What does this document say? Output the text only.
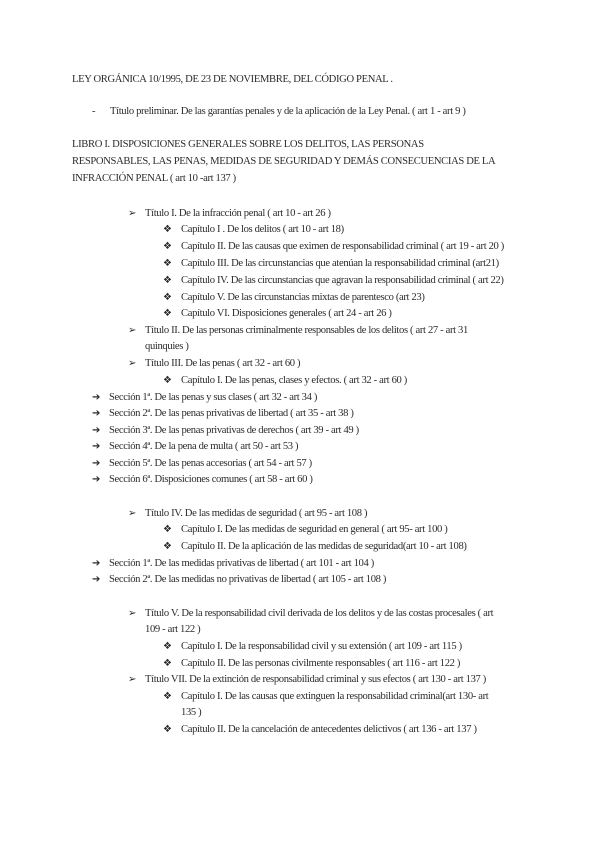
LEY ORGÁNICA 10/1995, DE 23 DE NOVIEMBRE, DEL CÓDIGO PENAL .
- Título preliminar. De las garantías penales y de la aplicación de la Ley Penal. ( art 1 - art 9 )
LIBRO I. DISPOSICIONES GENERALES SOBRE LOS DELITOS, LAS PERSONAS
RESPONSABLES, LAS PENAS, MEDIDAS DE SEGURIDAD Y DEMÁS CONSECUENCIAS DE LA
INFRACCIÓN PENAL ( art 10 -art 137 )
➢ Título I. De la infracción penal ( art 10 - art 26 )
❖ Capítulo I . De los delitos ( art 10 - art 18)
❖ Capítulo II. De las causas que eximen de responsabilidad criminal ( art 19 - art 20 )
❖ Capítulo III. De las circunstancias que atenúan la responsabilidad criminal (art21)
❖ Capítulo IV. De las circunstancias que agravan la responsabilidad criminal ( art 22)
❖ Capítulo V. De las circunstancias mixtas de parentesco (art 23)
❖ Capítulo VI. Disposiciones generales ( art 24 - art 26 )
➢ Título II. De las personas criminalmente responsables de los delitos ( art 27 - art 31
quinquies )
➢ Título III. De las penas ( art 32 - art 60 )
❖ Capítulo I. De las penas, clases y efectos. ( art 32 - art 60 )
➔ Sección 1ª. De las penas y sus clases ( art 32 - art 34 )
➔ Sección 2ª. De las penas privativas de libertad ( art 35 - art 38 )
➔ Sección 3ª. De las penas privativas de derechos ( art 39 - art 49 )
➔ Sección 4ª. De la pena de multa ( art 50 - art 53 )
➔ Sección 5ª. De las penas accesorias ( art 54 - art 57 )
➔ Sección 6ª. Disposiciones comunes ( art 58 - art 60 )
➢ Título IV. De las medidas de seguridad ( art 95 - art 108 )
❖ Capítulo I. De las medidas de seguridad en general ( art 95- art 100 )
❖ Capítulo II. De la aplicación de las medidas de seguridad(art 10 - art 108)
➔ Sección 1ª. De las medidas privativas de libertad ( art 101 - art 104 )
➔ Sección 2ª. De las medidas no privativas de libertad ( art 105 - art 108 )
➢ Título V. De la responsabilidad civil derivada de los delitos y de las costas procesales ( art
109 - art 122 )
❖ Capítulo I. De la responsabilidad civil y su extensión ( art 109 - art 115 )
❖ Capítulo II. De las personas civilmente responsables ( art 116 - art 122 )
➢ Título VII. De la extinción de responsabilidad criminal y sus efectos ( art 130 - art 137 )
❖ Capítulo I. De las causas que extinguen la responsabilidad criminal(art 130- art
135 )
❖ Capítulo II. De la cancelación de antecedentes delictivos ( art 136 - art 137 )
